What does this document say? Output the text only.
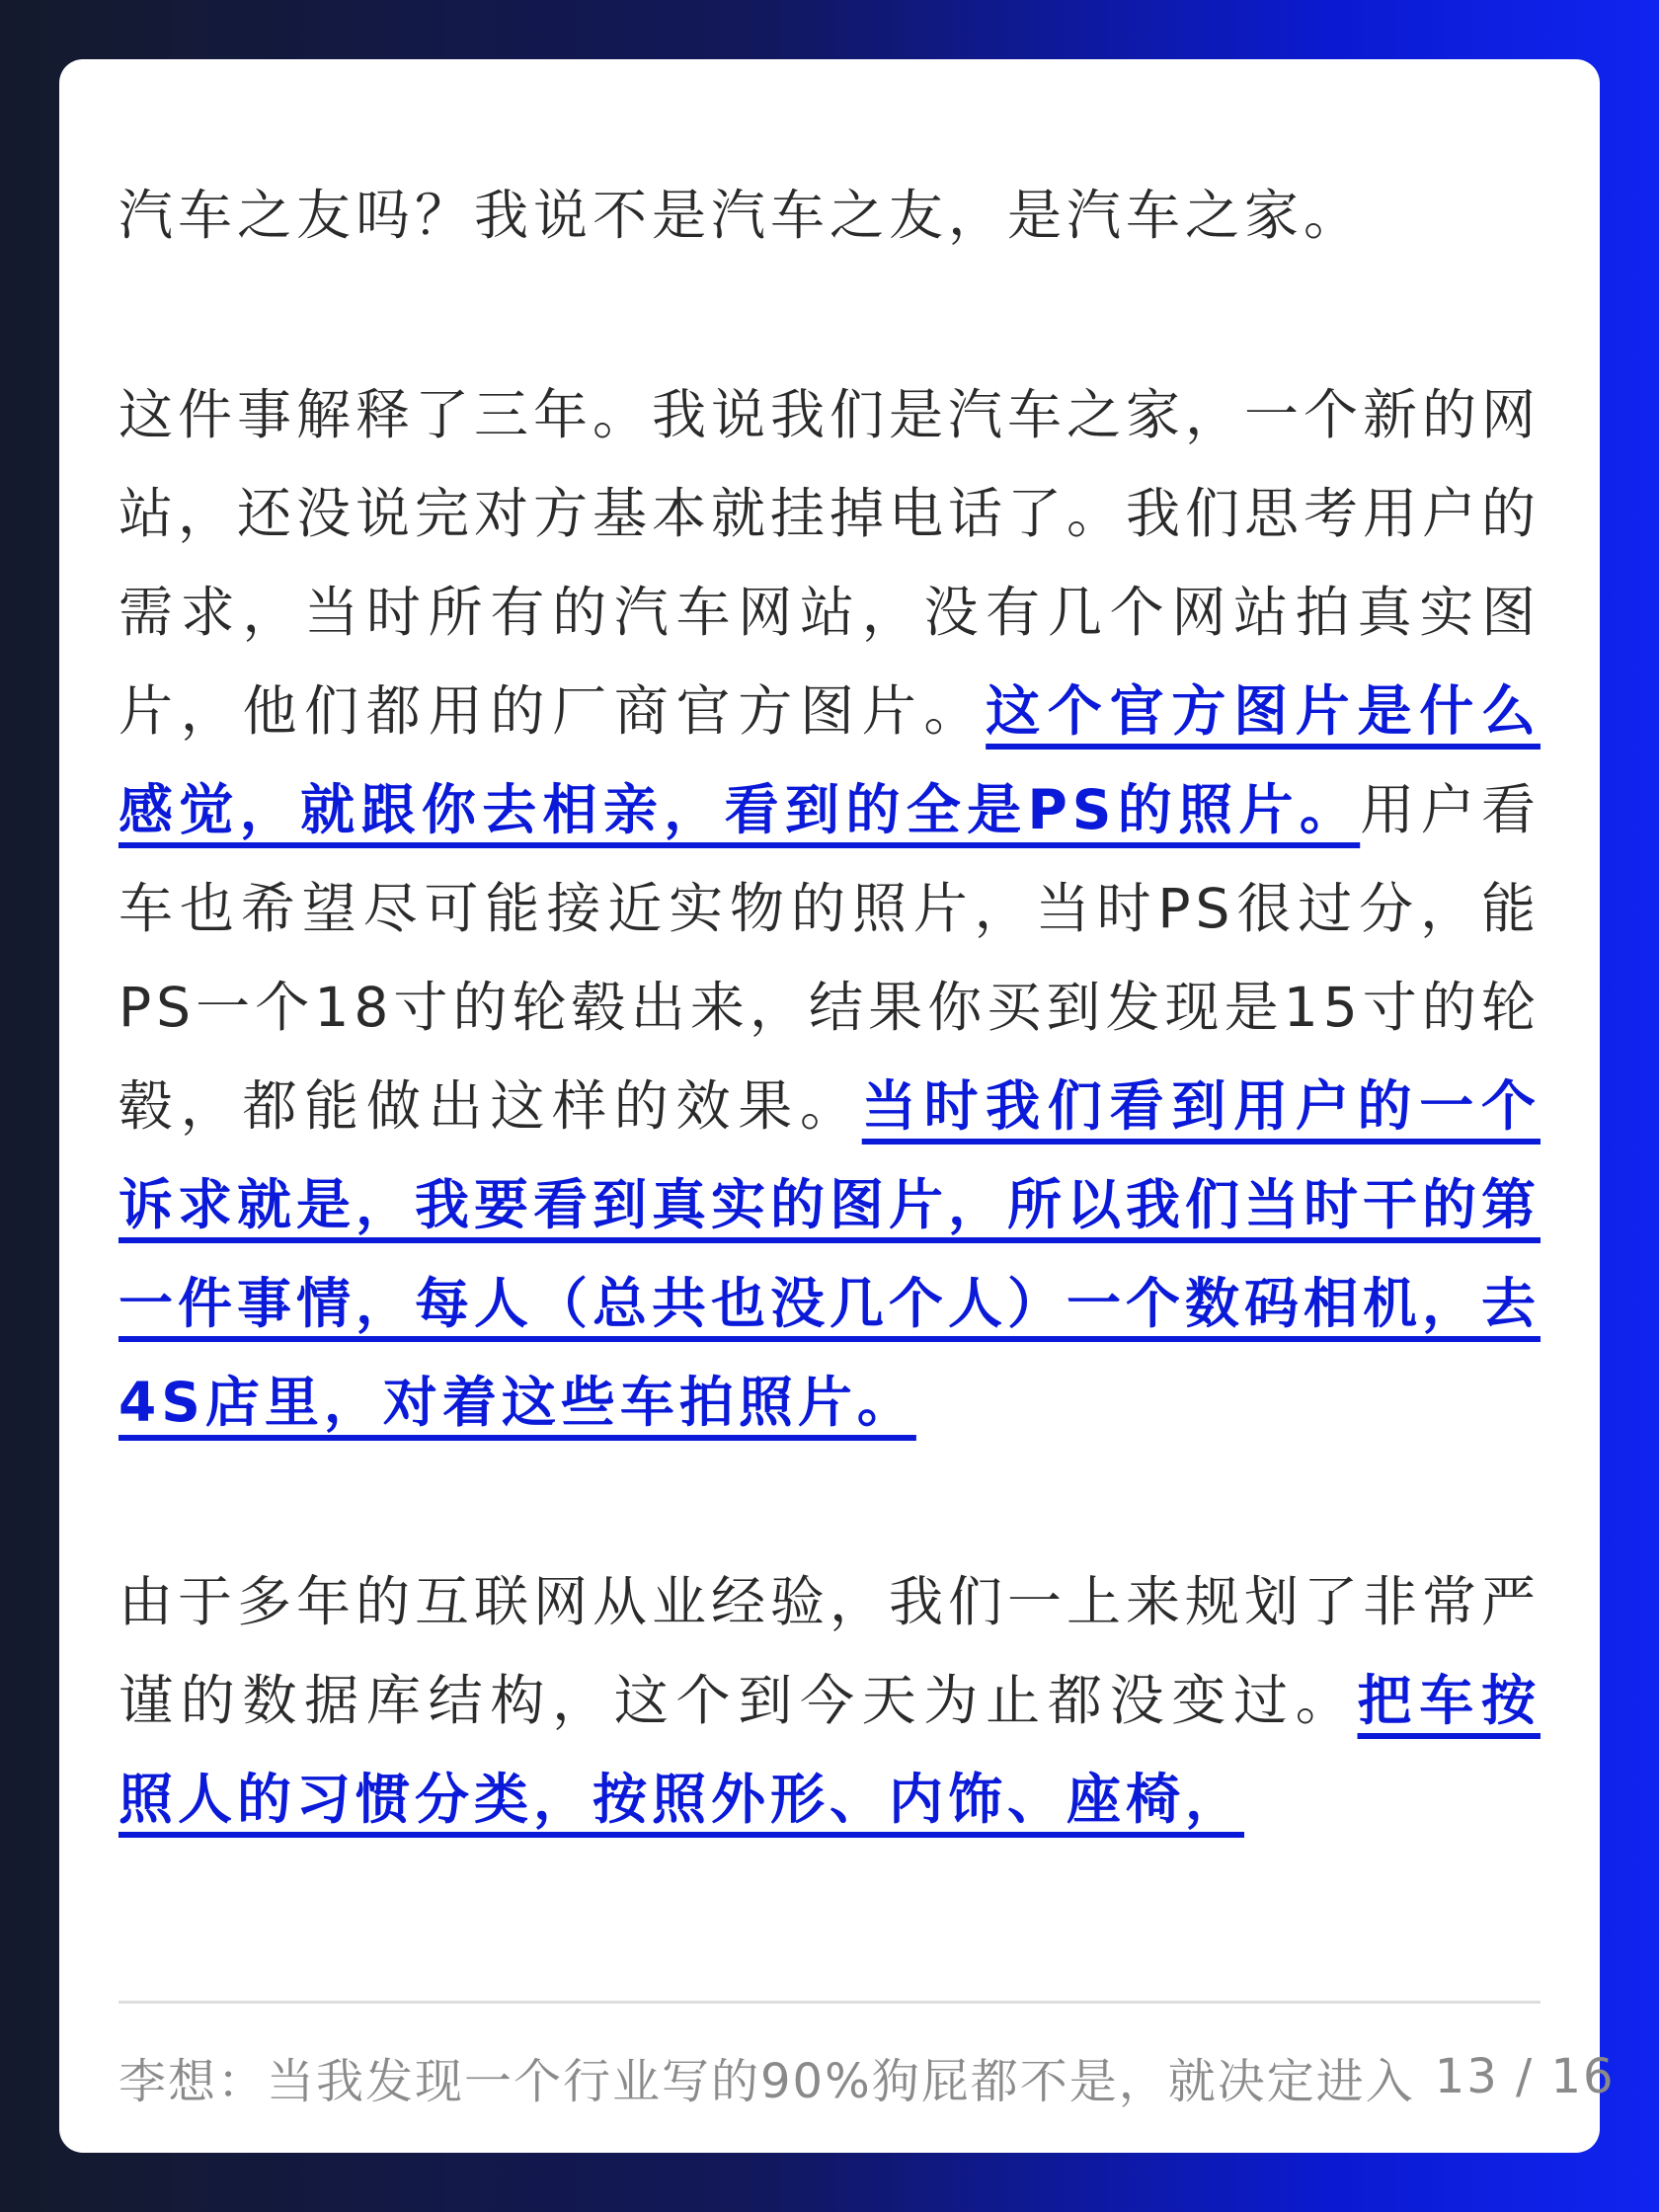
汽车之友吗？我说不是汽车之友，是汽车之家。

这件事解释了三年。我说我们是汽车之家，一个新的网站，还没说完对方基本就挂掉电话了。我们思考用户的需求，当时所有的汽车网站，没有几个网站拍真实图片，他们都用的厂商官方图片。这个官方图片是什么感觉，就跟你去相亲，看到的全是PS的照片。用户看车也希望尽可能接近实物的照片，当时PS很过分，能PS一个18寸的轮毂出来，结果你买到发现是15寸的轮毂，都能做出这样的效果。当时我们看到用户的一个诉求就是，我要看到真实的图片，所以我们当时干的第一件事情，每人（总共也没几个人）一个数码相机，去4S店里，对着这些车拍照片。

由于多年的互联网从业经验，我们一上来规划了非常严谨的数据库结构，这个到今天为止都没变过。把车按照人的习惯分类，按照外形、内饰、座椅，

李想：当我发现一个行业写的90%狗屁都不是，就决定进入 13 / 16
